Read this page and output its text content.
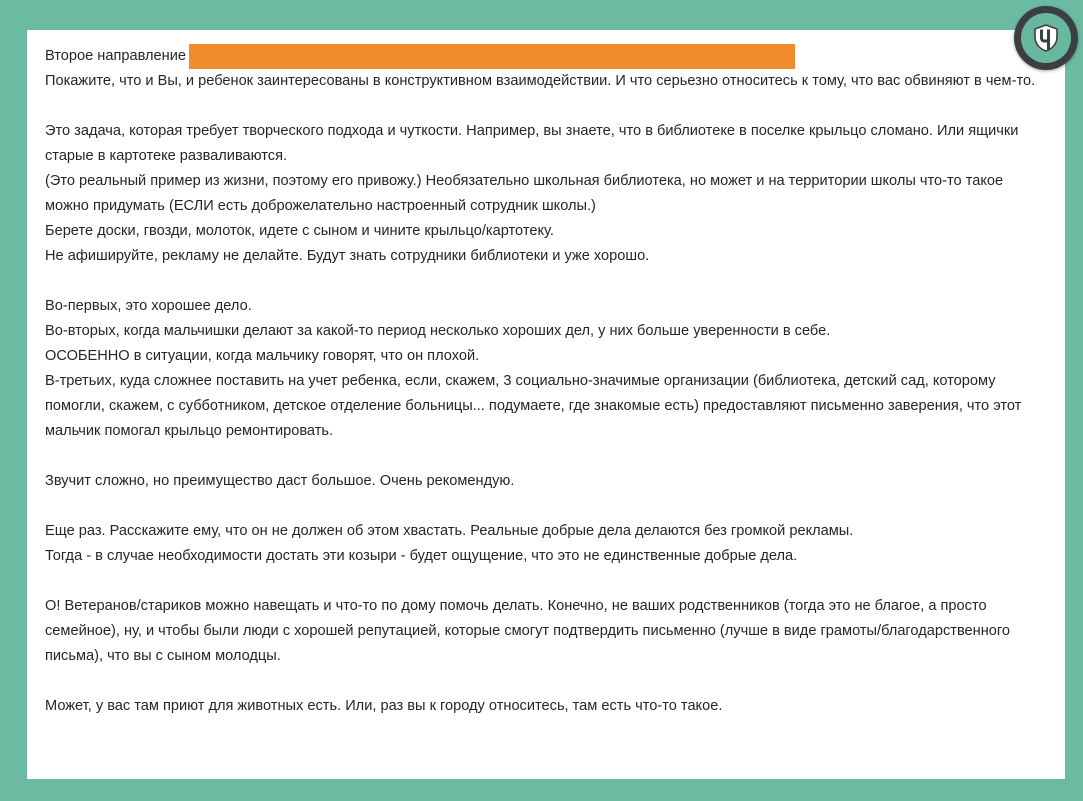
Второе направление
Покажите, что и Вы, и ребенок заинтересованы в конструктивном взаимодействии. И что серьезно относитесь к тому, что вас обвиняют в чем-то.

Это задача, которая требует творческого подхода и чуткости. Например, вы знаете, что в библиотеке в поселке крыльцо сломано. Или ящички старые в картотеке разваливаются.
(Это реальный пример из жизни, поэтому его привожу.) Необязательно школьная библиотека, но может и на территории школы что-то такое можно придумать (ЕСЛИ есть доброжелательно настроенный сотрудник школы.)
Берете доски, гвозди, молоток, идете с сыном и чините крыльцо/картотеку.
Не афишируйте, рекламу не делайте. Будут знать сотрудники библиотеки и уже хорошо.

Во-первых, это хорошее дело.
Во-вторых, когда мальчишки делают за какой-то период несколько хороших дел, у них больше уверенности в себе.
ОСОБЕННО в ситуации, когда мальчику говорят, что он плохой.
В-третьих, куда сложнее поставить на учет ребенка, если, скажем, 3 социально-значимые организации (библиотека, детский сад, которому помогли, скажем, с субботником, детское отделение больницы... подумаете, где знакомые есть) предоставляют письменно заверения, что этот мальчик помогал крыльцо ремонтировать.

Звучит сложно, но преимущество даст большое. Очень рекомендую.

Еще раз. Расскажите ему, что он не должен об этом хвастать. Реальные добрые дела делаются без громкой рекламы.
Тогда - в случае необходимости достать эти козыри - будет ощущение, что это не единственные добрые дела.

О! Ветеранов/стариков можно навещать и что-то по дому помочь делать. Конечно, не ваших родственников (тогда это не благое, а просто семейное), ну, и чтобы были люди с хорошей репутацией, которые смогут подтвердить письменно (лучше в виде грамоты/благодарственного письма), что вы с сыном молодцы.

Может, у вас там приют для животных есть. Или, раз вы к городу относитесь, там есть что-то такое.
